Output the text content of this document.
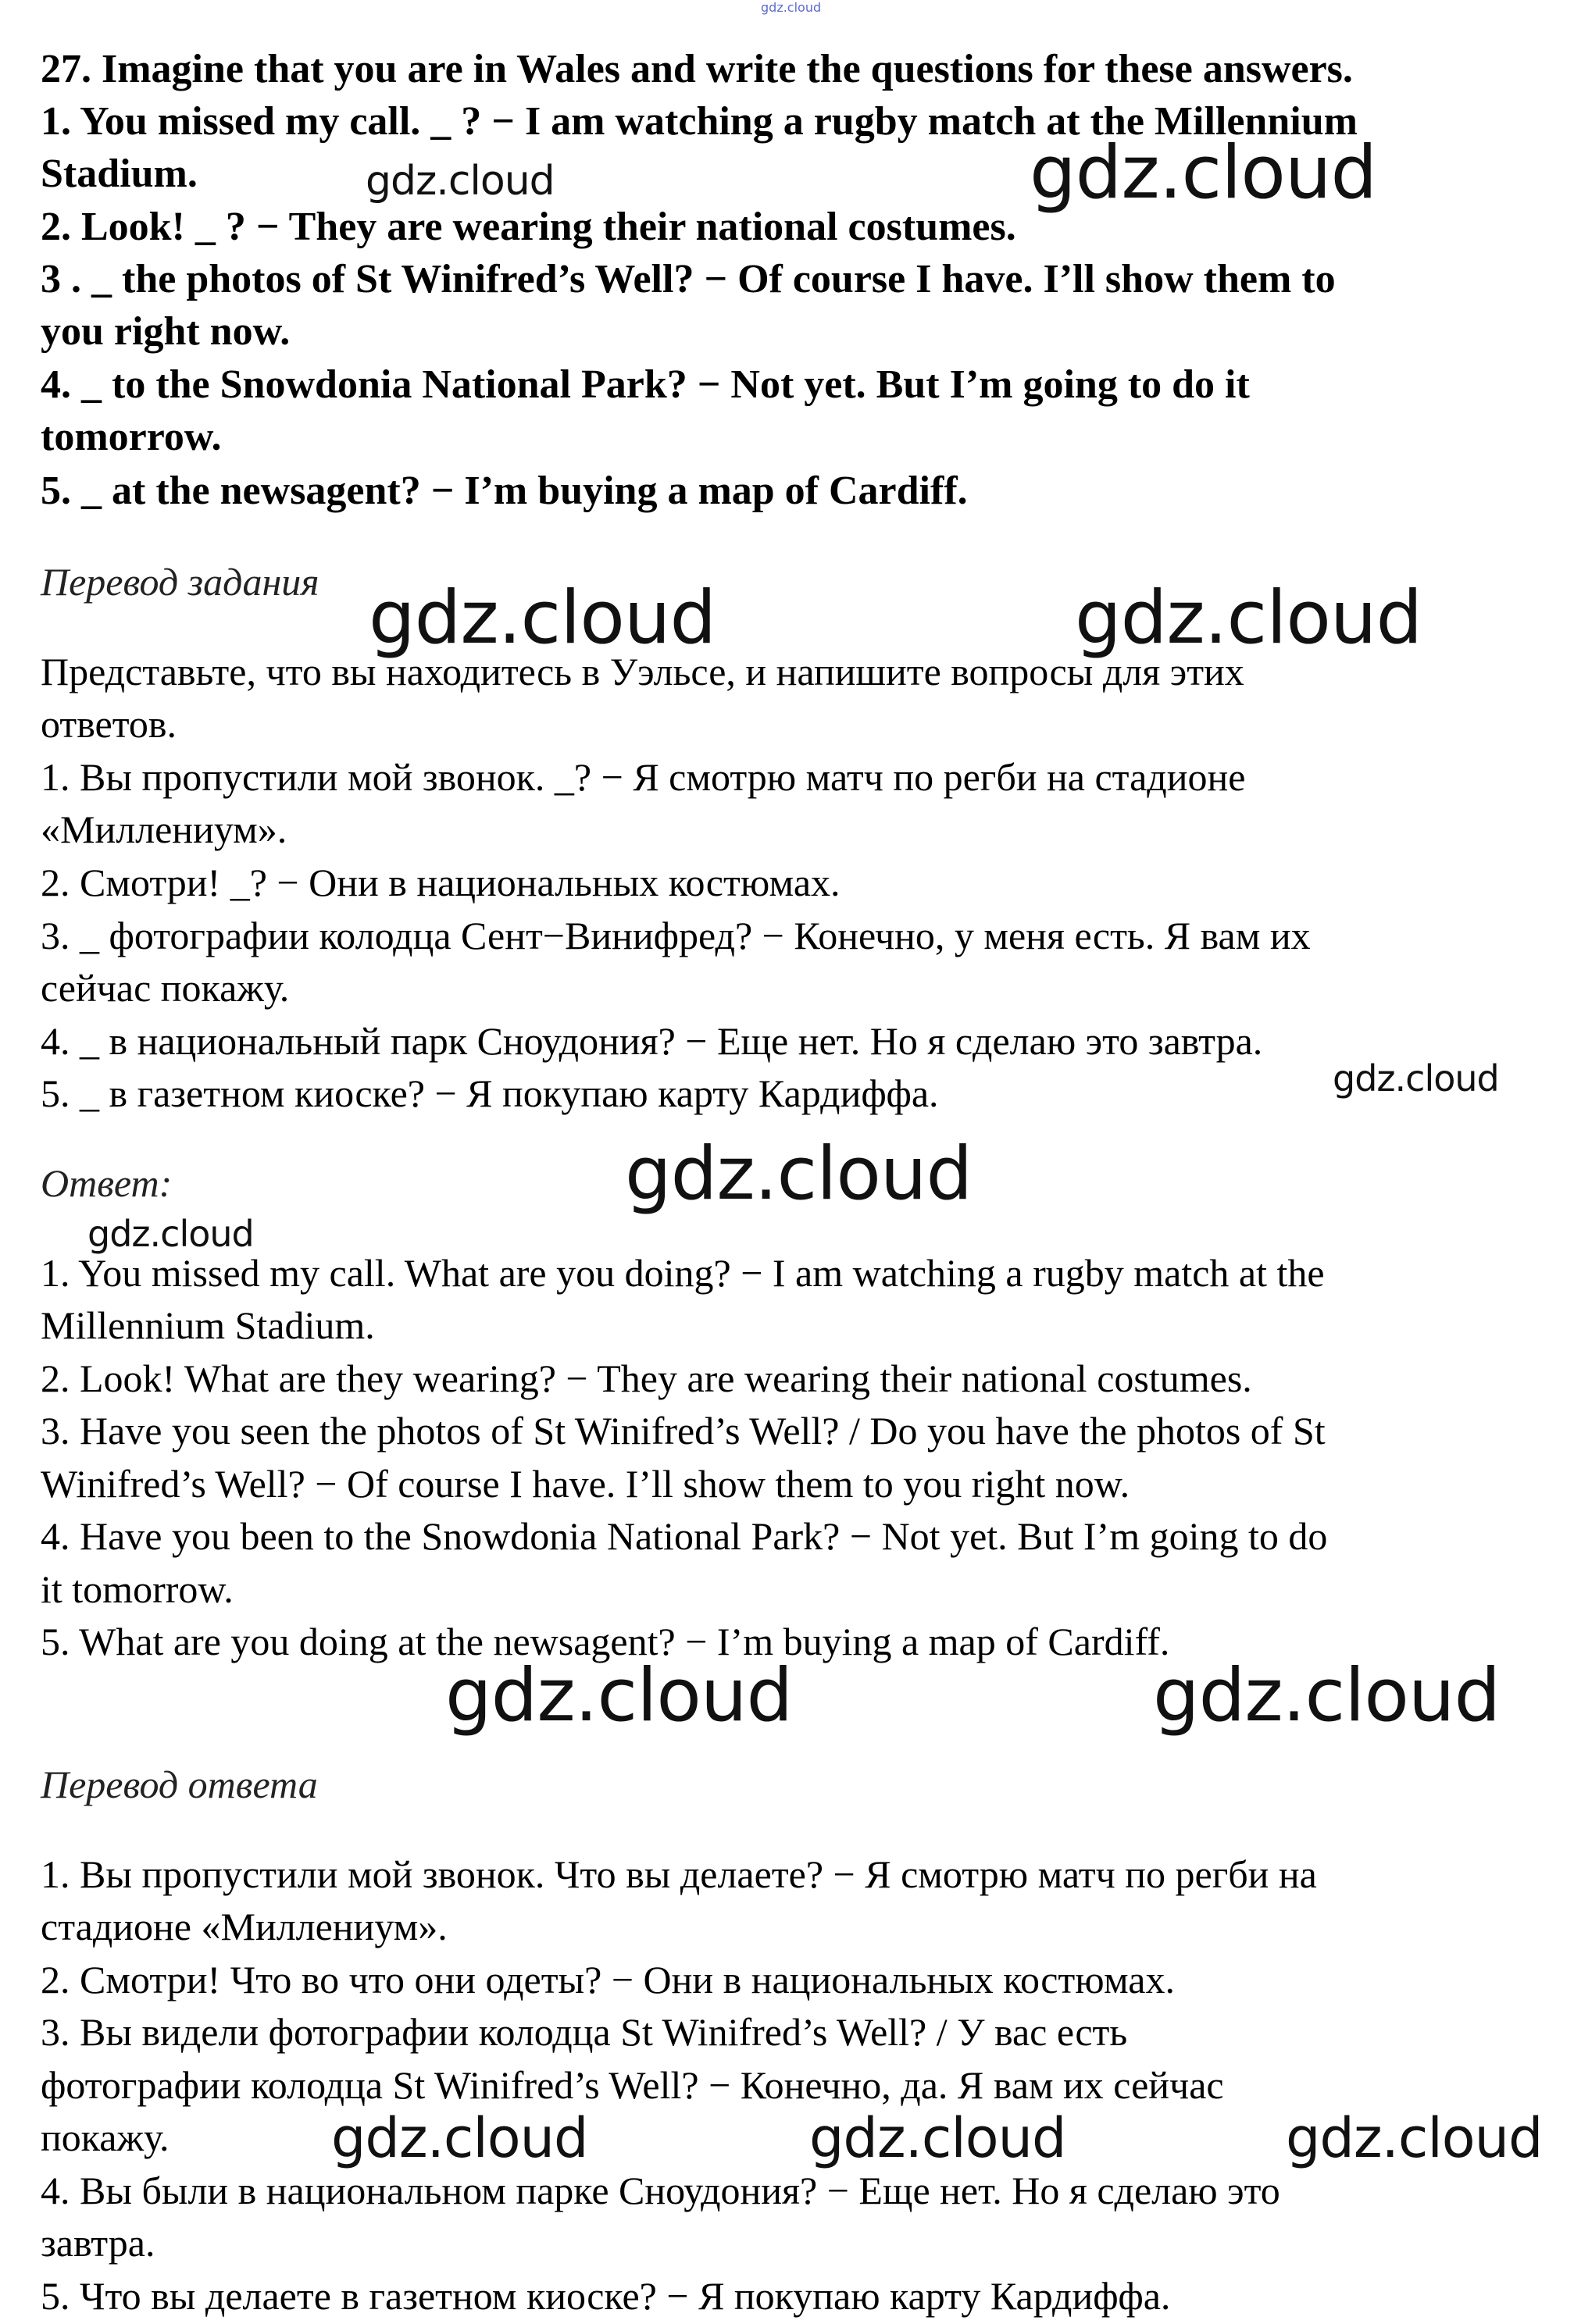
gdz.cloud
27. Imagine that you are in Wales and write the questions for these answers.
1. You missed my call. _ ? − I am watching a rugby match at the Millennium
Stadium.
2. Look! _ ? − They are wearing their national costumes.
3 . _ the photos of St Winifred’s Well? − Of course I have. I’ll show them to
you right now.
4. _ to the Snowdonia National Park? − Not yet. But I’m going to do it
tomorrow.
5. _ at the newsagent? − I’m buying a map of Cardiff.
Перевод задания
Представьте, что вы находитесь в Уэльсе, и напишите вопросы для этих
ответов.
1. Вы пропустили мой звонок. _? − Я смотрю матч по регби на стадионе
«Миллениум».
2. Смотри! _? − Они в национальных костюмах.
3. _ фотографии колодца Сент−Винифред? − Конечно, у меня есть. Я вам их
сейчас покажу.
4. _ в национальный парк Сноудония? − Еще нет. Но я сделаю это завтра.
5. _ в газетном киоске? − Я покупаю карту Кардиффа.
Ответ:
1. You missed my call. What are you doing? − I am watching a rugby match at the
Millennium Stadium.
2. Look! What are they wearing? − They are wearing their national costumes.
3. Have you seen the photos of St Winifred’s Well? / Do you have the photos of St
Winifred’s Well? − Of course I have. I’ll show them to you right now.
4. Have you been to the Snowdonia National Park? − Not yet. But I’m going to do
it tomorrow.
5. What are you doing at the newsagent? − I’m buying a map of Cardiff.
Перевод ответа
1. Вы пропустили мой звонок. Что вы делаете? − Я смотрю матч по регби на
стадионе «Миллениум».
2. Смотри! Что во что они одеты? − Они в национальных костюмах.
3. Вы видели фотографии колодца St Winifred’s Well? / У вас есть
фотографии колодца St Winifred’s Well? − Конечно, да. Я вам их сейчас
покажу.
4. Вы были в национальном парке Сноудония? − Еще нет. Но я сделаю это
завтра.
5. Что вы делаете в газетном киоске? − Я покупаю карту Кардиффа.
gdz.cloud	gdz.cloud
gdz.cloud	gdz.cloud
gdz.cloud
gdz.cloud
gdz.cloud
gdz.cloud	gdz.cloud
gdz.cloud	gdz.cloud	gdz.cloud
